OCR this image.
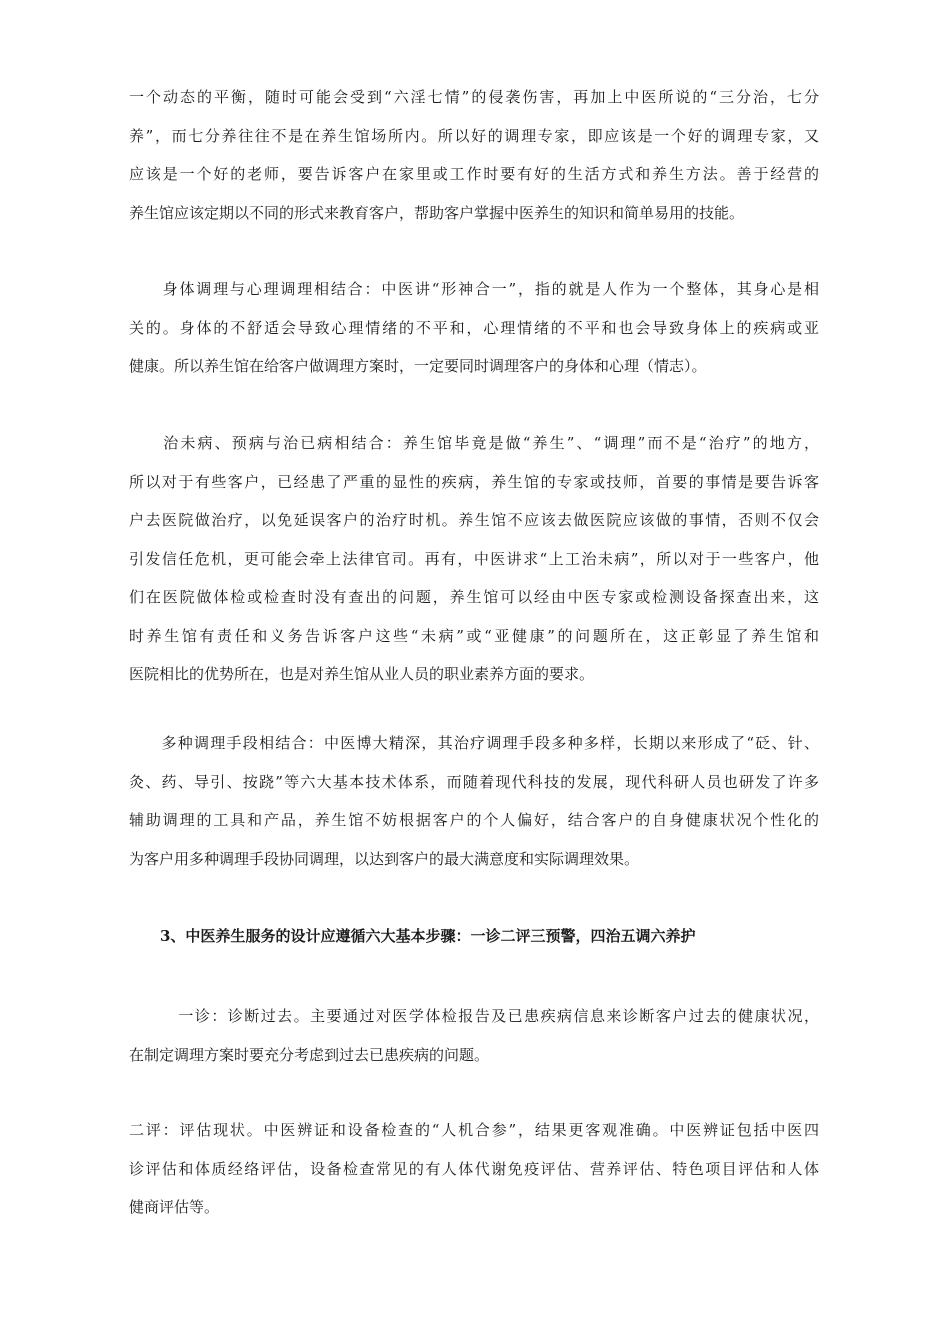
一个动态的平衡，随时可能会受到“六淫七情”的侵袭伤害，再加上中医所说的“三分治，七分
养”，而七分养往往不是在养生馆场所内。所以好的调理专家，即应该是一个好的调理专家，又
应该是一个好的老师，要告诉客户在家里或工作时要有好的生活方式和养生方法。善于经营的
养生馆应该定期以不同的形式来教育客户，帮助客户掌握中医养生的知识和简单易用的技能。
　　身体调理与心理调理相结合：中医讲“形神合一”，指的就是人作为一个整体，其身心是相
关的。身体的不舒适会导致心理情绪的不平和，心理情绪的不平和也会导致身体上的疾病或亚
健康。所以养生馆在给客户做调理方案时，一定要同时调理客户的身体和心理（情志）。
　　治未病、预病与治已病相结合：养生馆毕竟是做“养生”、“调理”而不是“治疗”的地方，
所以对于有些客户，已经患了严重的显性的疾病，养生馆的专家或技师，首要的事情是要告诉客
户去医院做治疗，以免延误客户的治疗时机。养生馆不应该去做医院应该做的事情，否则不仅会
引发信任危机，更可能会牵上法律官司。再有，中医讲求“上工治未病”，所以对于一些客户，他
们在医院做体检或检查时没有查出的问题，养生馆可以经由中医专家或检测设备探查出来，这
时养生馆有责任和义务告诉客户这些“未病”或“亚健康”的问题所在，这正彰显了养生馆和
医院相比的优势所在，也是对养生馆从业人员的职业素养方面的要求。
　　多种调理手段相结合：中医博大精深，其治疗调理手段多种多样，长期以来形成了“砭、针、
灸、药、导引、按跷”等六大基本技术体系，而随着现代科技的发展，现代科研人员也研发了许多
辅助调理的工具和产品，养生馆不妨根据客户的个人偏好，结合客户的自身健康状况个性化的
为客户用多种调理手段协同调理，以达到客户的最大满意度和实际调理效果。
3、中医养生服务的设计应遵循六大基本步骤：一诊二评三预警，四治五调六养护
　　　一诊：诊断过去。主要通过对医学体检报告及已患疾病信息来诊断客户过去的健康状况，
在制定调理方案时要充分考虑到过去已患疾病的问题。
二评：评估现状。中医辨证和设备检查的“人机合参”，结果更客观准确。中医辨证包括中医四
诊评估和体质经络评估，设备检查常见的有人体代谢免疫评估、营养评估、特色项目评估和人体
健商评估等。
